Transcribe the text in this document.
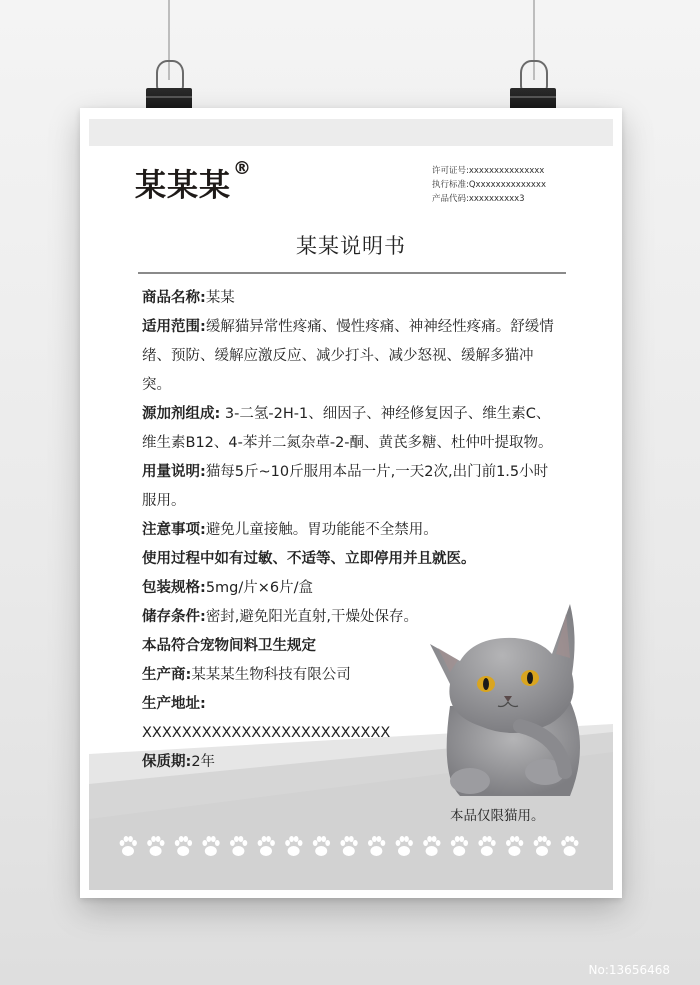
某某某 ®	许可证号:xxxxxxxxxxxxxxx
执行标准:Qxxxxxxxxxxxxxx
产品代码:xxxxxxxxxx3
某某说明书

商品名称:某某

适用范围:缓解猫异常性疼痛、慢性疼痛、神神经性疼痛。舒缓情绪、预防、缓解应激反应、减少打斗、减少怒视、缓解多猫冲突。

源加剂组成: 3-二氢-2H-1、细因子、神经修复因子、维生素C、维生素B12、4-苯并二氮杂䓬-2-酮、黄芪多糖、杜仲叶提取物。

用量说明:猫每5斤~10斤服用本品一片,一天2次,出门前1.5小时服用。

注意事项:避免儿童接触。胃功能能不全禁用。

使用过程中如有过敏、不适等、立即停用并且就医。

包装规格:5mg/片×6片/盒

储存条件:密封,避免阳光直射,干燥处保存。

本品符合宠物间料卫生规定

生产商:某某某生物科技有限公司

生产地址:

XXXXXXXXXXXXXXXXXXXXXXXXX

保质期:2年

本品仅限猫用。
No:13656468
